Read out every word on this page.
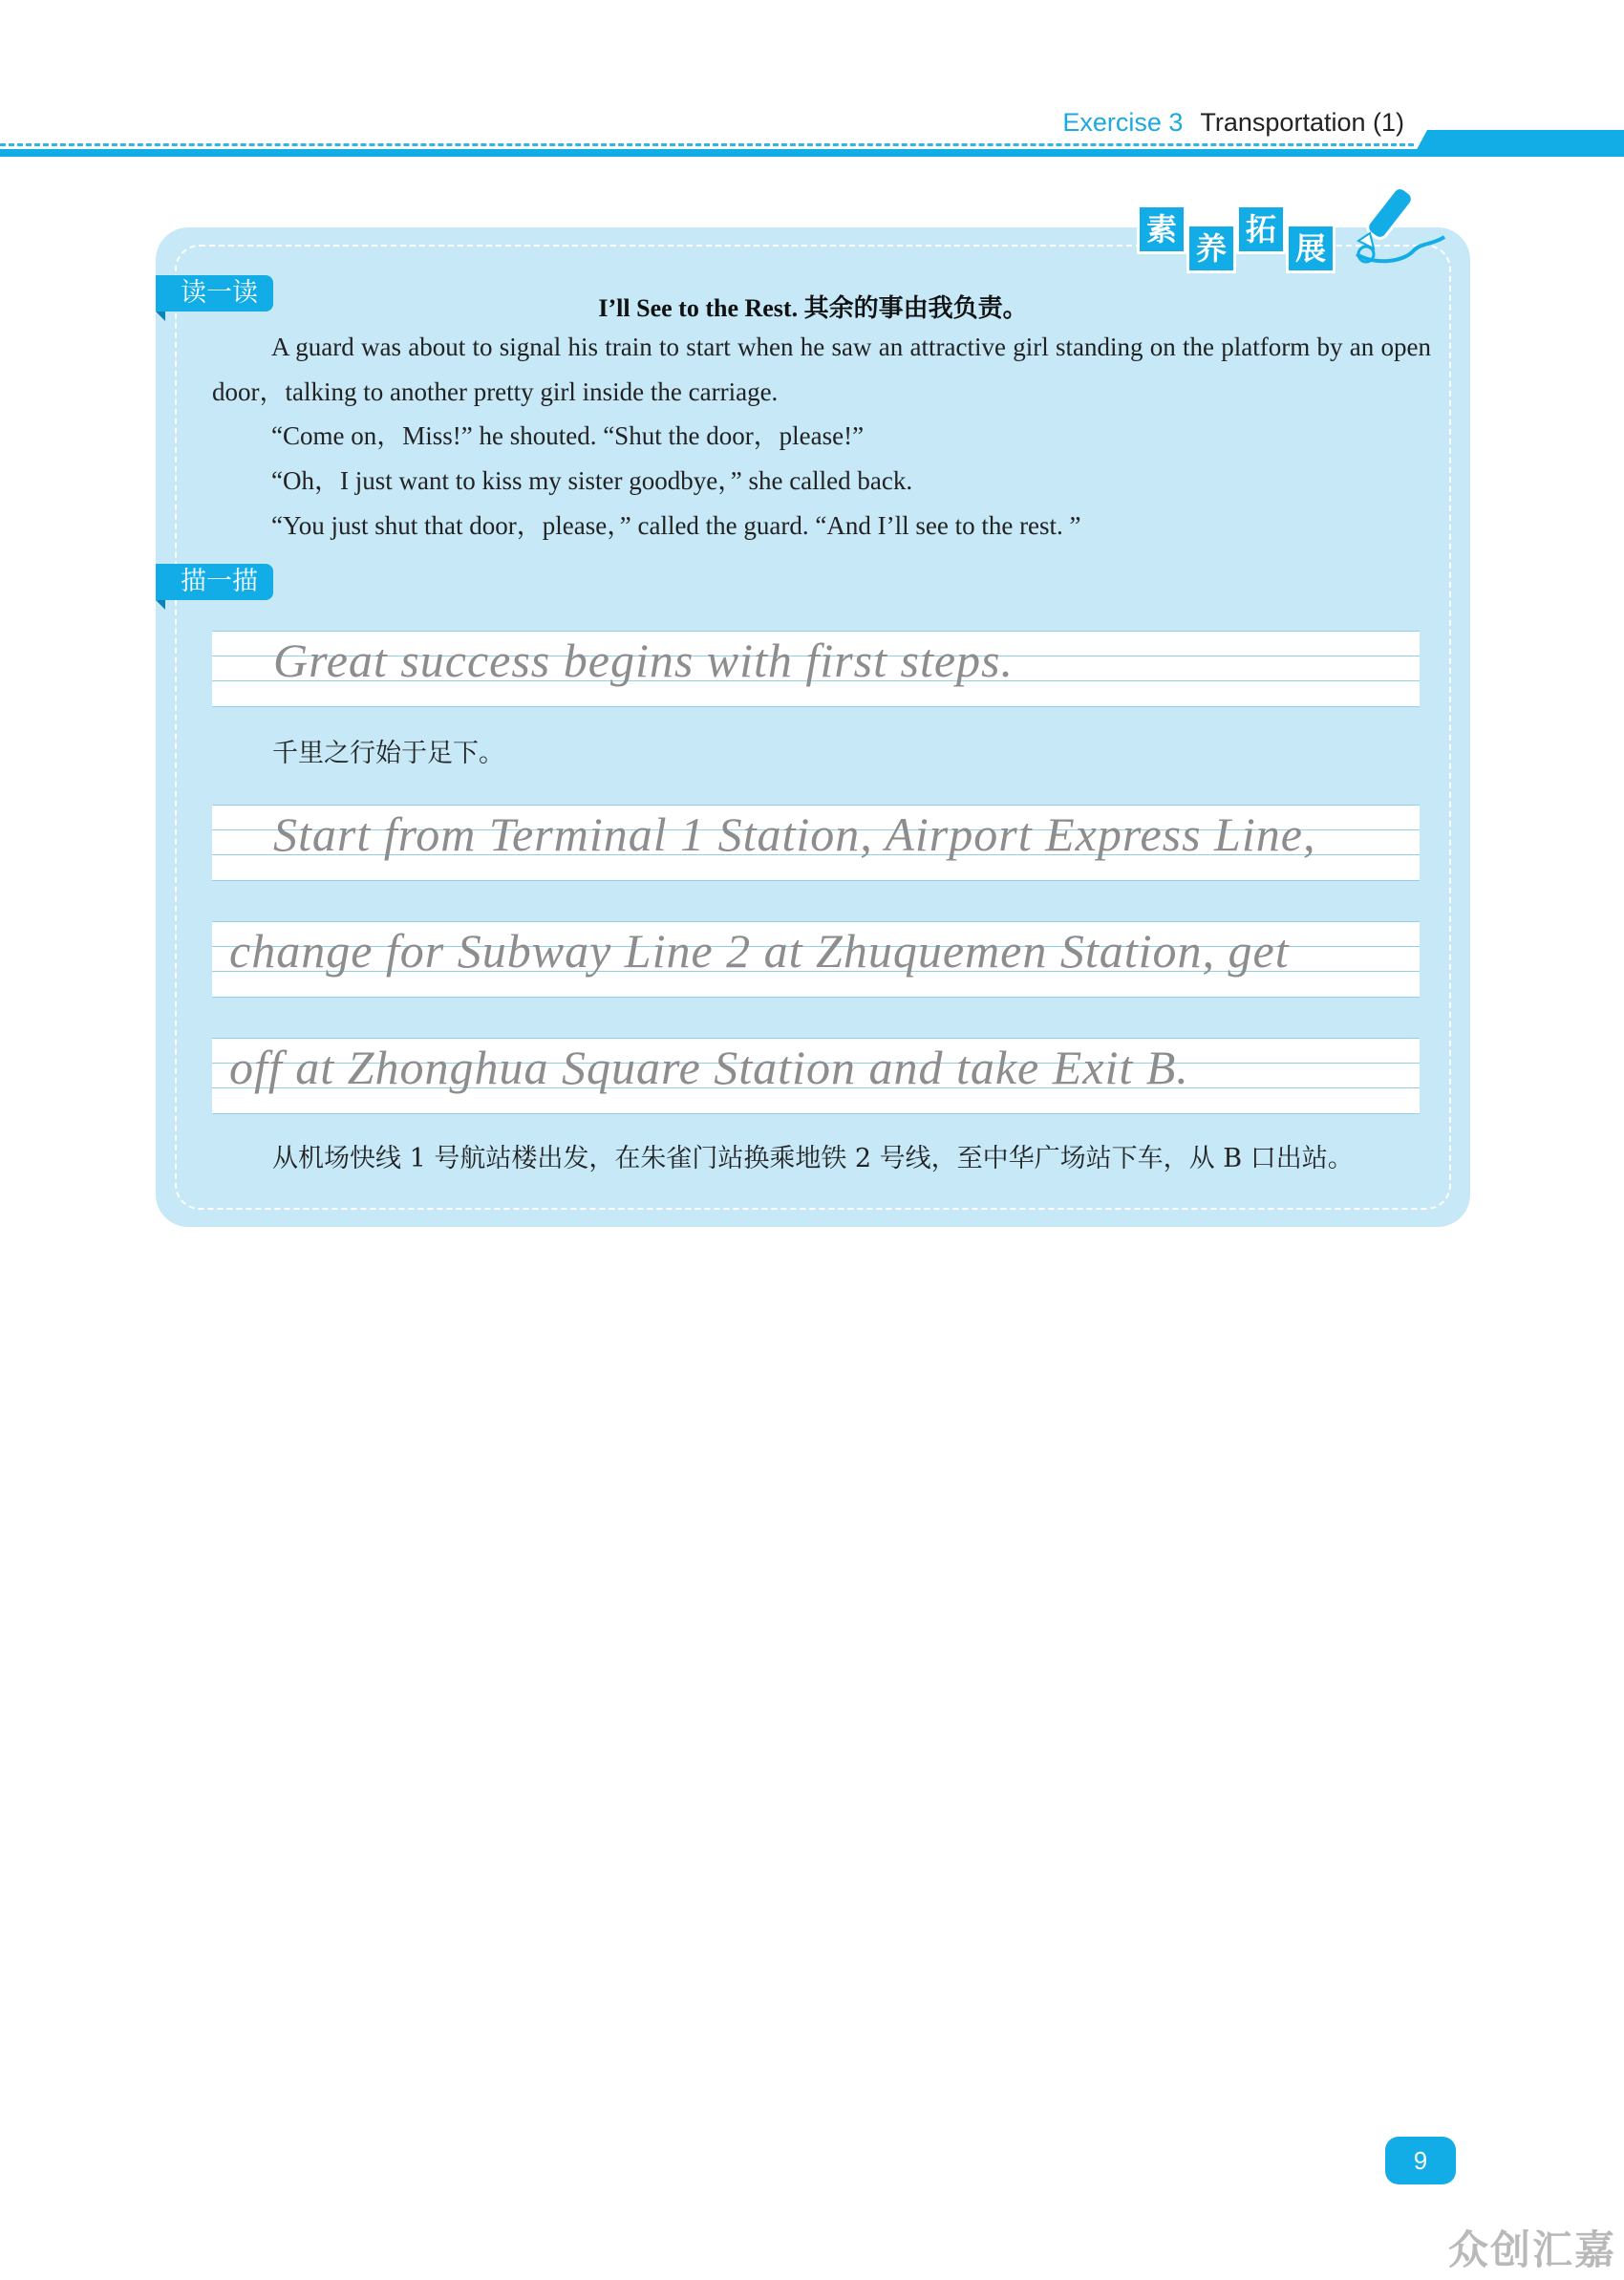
Exercise 3 Transportation (1)
素
养
拓
展
读一读
I’ll See to the Rest. 其余的事由我负责。
A guard was about to signal his train to start when he saw an attractive girl standing on the platform by an open door，talking to another pretty girl inside the carriage.
“Come on，Miss!” he shouted. “Shut the door，please!”
“Oh，I just want to kiss my sister goodbye，” she called back.
“You just shut that door，please，” called the guard. “And I’ll see to the rest. ”
描一描
Great success begins with first steps.
千里之行始于足下。
Start from Terminal 1 Station, Airport Express Line,
change for Subway Line 2 at Zhuquemen Station, get
off at Zhonghua Square Station and take Exit B.
从机场快线 1 号航站楼出发，在朱雀门站换乘地铁 2 号线，至中华广场站下车，从 B 口出站。
9
众创汇嘉
